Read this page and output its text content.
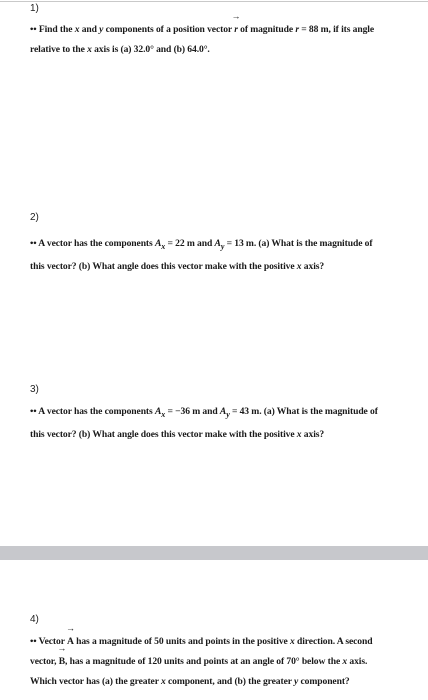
1)
•• Find the x and y components of a position vector → r of magnitude r = 88 m, if its angle
relative to the x axis is (a) 32.0° and (b) 64.0°.
2)
•• A vector has the components $A_x = 22$ m and $A_y = 13$ m. (a) What is the magnitude of
this vector? (b) What angle does this vector make with the positive x axis?
3)
•• A vector has the components $A_x = -36$ m and $A_y = 43$ m. (a) What is the magnitude of
this vector? (b) What angle does this vector make with the positive x axis?
4)
•• Vector → A has a magnitude of 50 units and points in the positive x direction. A second
vector, → B, has a magnitude of 120 units and points at an angle of 70° below the x axis.
Which vector has (a) the greater x component, and (b) the greater y component?
